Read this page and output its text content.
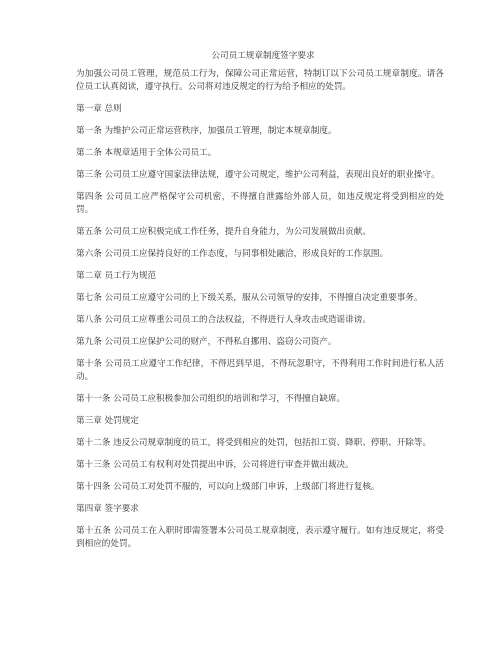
公司员工规章制度签字要求

为加强公司员工管理，规范员工行为，保障公司正常运营，特制订以下公司员工规章制度。请各位员工认真阅读，遵守执行。公司将对违反规定的行为给予相应的处罚。

第一章 总则

第一条 为维护公司正常运营秩序，加强员工管理，制定本规章制度。

第二条 本规章适用于全体公司员工。

第三条 公司员工应遵守国家法律法规，遵守公司规定，维护公司利益，表现出良好的职业操守。

第四条 公司员工应严格保守公司机密，不得擅自泄露给外部人员，如违反规定将受到相应的处罚。

第五条 公司员工应积极完成工作任务，提升自身能力，为公司发展做出贡献。

第六条 公司员工应保持良好的工作态度，与同事相处融洽，形成良好的工作氛围。

第二章 员工行为规范

第七条 公司员工应遵守公司的上下级关系，服从公司领导的安排，不得擅自决定重要事务。

第八条 公司员工应尊重公司员工的合法权益，不得进行人身攻击或造谣诽谤。

第九条 公司员工应保护公司的财产，不得私自挪用、盗窃公司资产。

第十条 公司员工应遵守工作纪律，不得迟到早退，不得玩忽职守，不得利用工作时间进行私人活动。

第十一条 公司员工应积极参加公司组织的培训和学习，不得擅自缺席。

第三章 处罚规定

第十二条 违反公司规章制度的员工，将受到相应的处罚，包括扣工资、降职、停职、开除等。

第十三条 公司员工有权利对处罚提出申诉，公司将进行审查并做出裁决。

第十四条 公司员工对处罚不服的，可以向上级部门申诉，上级部门将进行复核。

第四章 签字要求

第十五条 公司员工在入职时即需签署本公司员工规章制度，表示遵守履行。如有违反规定，将受到相应的处罚。
